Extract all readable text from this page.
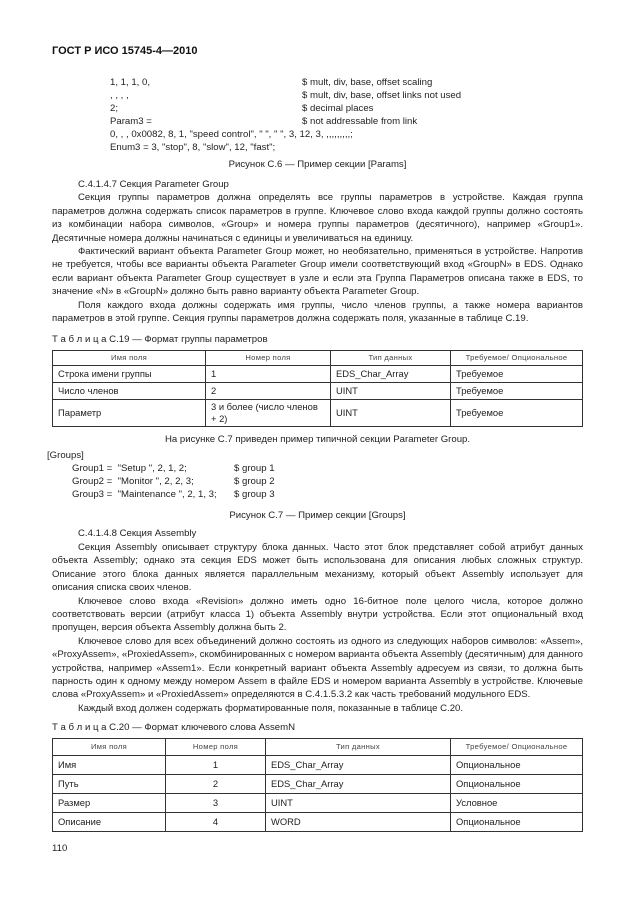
ГОСТ Р ИСО 15745-4—2010
1, 1, 1, 0,	$ mult, div, base, offset scaling
, , , ,	$ mult, div, base, offset links not used
2;	$ decimal places
Param3 =	$ not addressable from link
0, , , 0x0082, 8, 1, "speed control", " ", " ", 3, 12, 3, ,,,,,,,,,;
Enum3 = 3, "stop", 8, "slow", 12, "fast";
Рисунок С.6 — Пример секции [Params]

С.4.1.4.7 Секция Parameter Group

Секция группы параметров должна определять все группы параметров в устройстве. Каждая группа параметров должна содержать список параметров в группе. Ключевое слово входа каждой группы должно состоять из комбинации набора символов, «Group» и номера группы параметров (десятичного), например «Group1». Десятичные номера должны начинаться с единицы и увеличиваться на единицу.

Фактический вариант объекта Parameter Group может, но необязательно, применяться в устройстве. Напротив не требуется, чтобы все варианты объекта Parameter Group имели соответствующий вход «GroupN» в EDS. Однако если вариант объекта Parameter Group существует в узле и если эта Группа Параметров описана также в EDS, то значение «N» в «GroupN» должно быть равно варианту объекта Parameter Group.

Поля каждого входа должны содержать имя группы, число членов группы, а также номера вариантов параметров в этой группе. Секция группы параметров должна содержать поля, указанные в таблице С.19.

Т а б л и ц а С.19 — Формат группы параметров
Имя поля	Номер поля	Тип данных	Требуемое/ Опциональное
Строка имени группы	1	EDS_Char_Array	Требуемое
Число членов	2	UINT	Требуемое
Параметр	3 и более (число членов + 2)	UINT	Требуемое
На рисунке С.7 приведен пример типичной секции Parameter Group.
[Groups]
Group1 =  "Setup ", 2, 1, 2;	$ group 1
Group2 =  "Monitor ", 2, 2, 3;	$ group 2
Group3 =  "Maintenance ", 2, 1, 3;	$ group 3
Рисунок С.7 — Пример секции [Groups]

С.4.1.4.8 Секция Assembly

Секция Assembly описывает структуру блока данных. Часто этот блок представляет собой атрибут данных объекта Assembly; однако эта секция EDS может быть использована для описания любых сложных структур. Описание этого блока данных является параллельным механизму, который объект Assembly использует для описания списка своих членов.

Ключевое слово входа «Revision» должно иметь одно 16-битное поле целого числа, которое должно соответствовать версии (атрибут класса 1) объекта Assembly внутри устройства. Если этот опциональный вход пропущен, версия объекта Assembly должна быть 2.

Ключевое слово для всех объединений должно состоять из одного из следующих наборов символов: «Assem», «ProxyAssem», «ProxiedAssem», скомбинированных с номером варианта объекта Assembly (десятичным) для данного устройства, например «Assem1». Если конкретный вариант объекта Assembly адресуем из связи, то должна быть парность один к одному между номером Assem в файле EDS и номером варианта Assembly в устройстве. Ключевые слова «ProxyAssem» и «ProxiedAssem» определяются в С.4.1.5.3.2 как часть требований модульного EDS.

Каждый вход должен содержать форматированные поля, показанные в таблице С.20.

Т а б л и ц а С.20 — Формат ключевого слова AssemN
Имя поля	Номер поля	Тип данных	Требуемое/ Опциональное
Имя	1	EDS_Char_Array	Опциональное
Путь	2	EDS_Char_Array	Опциональное
Размер	3	UINT	Условное
Описание	4	WORD	Опциональное
110
